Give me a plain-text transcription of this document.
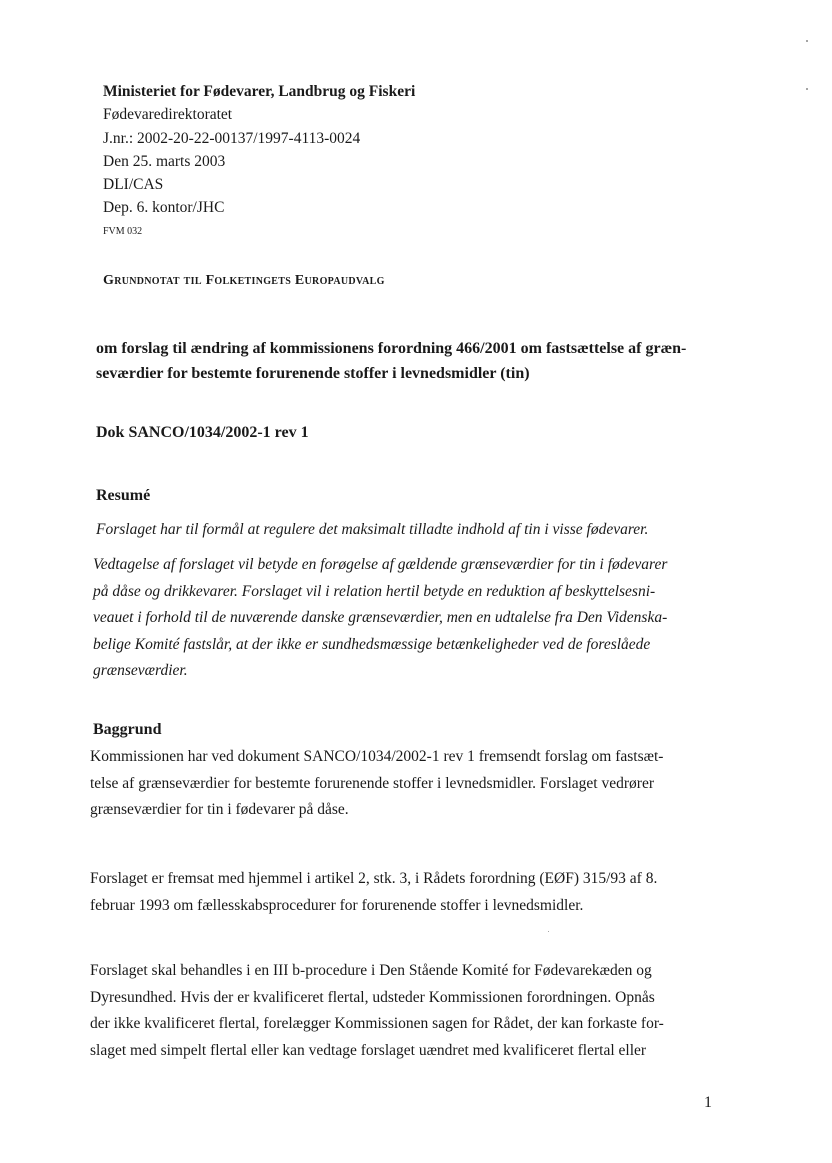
Ministeriet for Fødevarer, Landbrug og Fiskeri
Fødevaredirektoratet
J.nr.: 2002-20-22-00137/1997-4113-0024
Den 25. marts 2003
DLI/CAS
Dep. 6. kontor/JHC
FVM 032
Grundnotat til Folketingets Europaudvalg
om forslag til ændring af kommissionens forordning 466/2001 om fastsættelse af græn-
seværdier for bestemte forurenende stoffer i levnedsmidler (tin)
Dok SANCO/1034/2002-1 rev 1
Resumé
Forslaget har til formål at regulere det maksimalt tilladte indhold af tin i visse fødevarer.
Vedtagelse af forslaget vil betyde en forøgelse af gældende grænseværdier for tin i fødevarer
på dåse og drikkevarer. Forslaget vil i relation hertil betyde en reduktion af beskyttelsesni-
veauet i forhold til de nuværende danske grænseværdier, men en udtalelse fra Den Videnska-
belige Komité fastslår, at der ikke er sundhedsmæssige betænkeligheder ved de foreslåede
grænseværdier.
Baggrund
Kommissionen har ved dokument SANCO/1034/2002-1 rev 1 fremsendt forslag om fastsæt-
telse af grænseværdier for bestemte forurenende stoffer i levnedsmidler. Forslaget vedrører
grænseværdier for tin i fødevarer på dåse.
Forslaget er fremsat med hjemmel i artikel 2, stk. 3, i Rådets forordning (EØF) 315/93 af 8.
februar 1993 om fællesskabsprocedurer for forurenende stoffer i levnedsmidler.
Forslaget skal behandles i en III b-procedure i Den Stående Komité for Fødevarekæden og
Dyresundhed. Hvis der er kvalificeret flertal, udsteder Kommissionen forordningen. Opnås
der ikke kvalificeret flertal, forelægger Kommissionen sagen for Rådet, der kan forkaste for-
slaget med simpelt flertal eller kan vedtage forslaget uændret med kvalificeret flertal eller
1
